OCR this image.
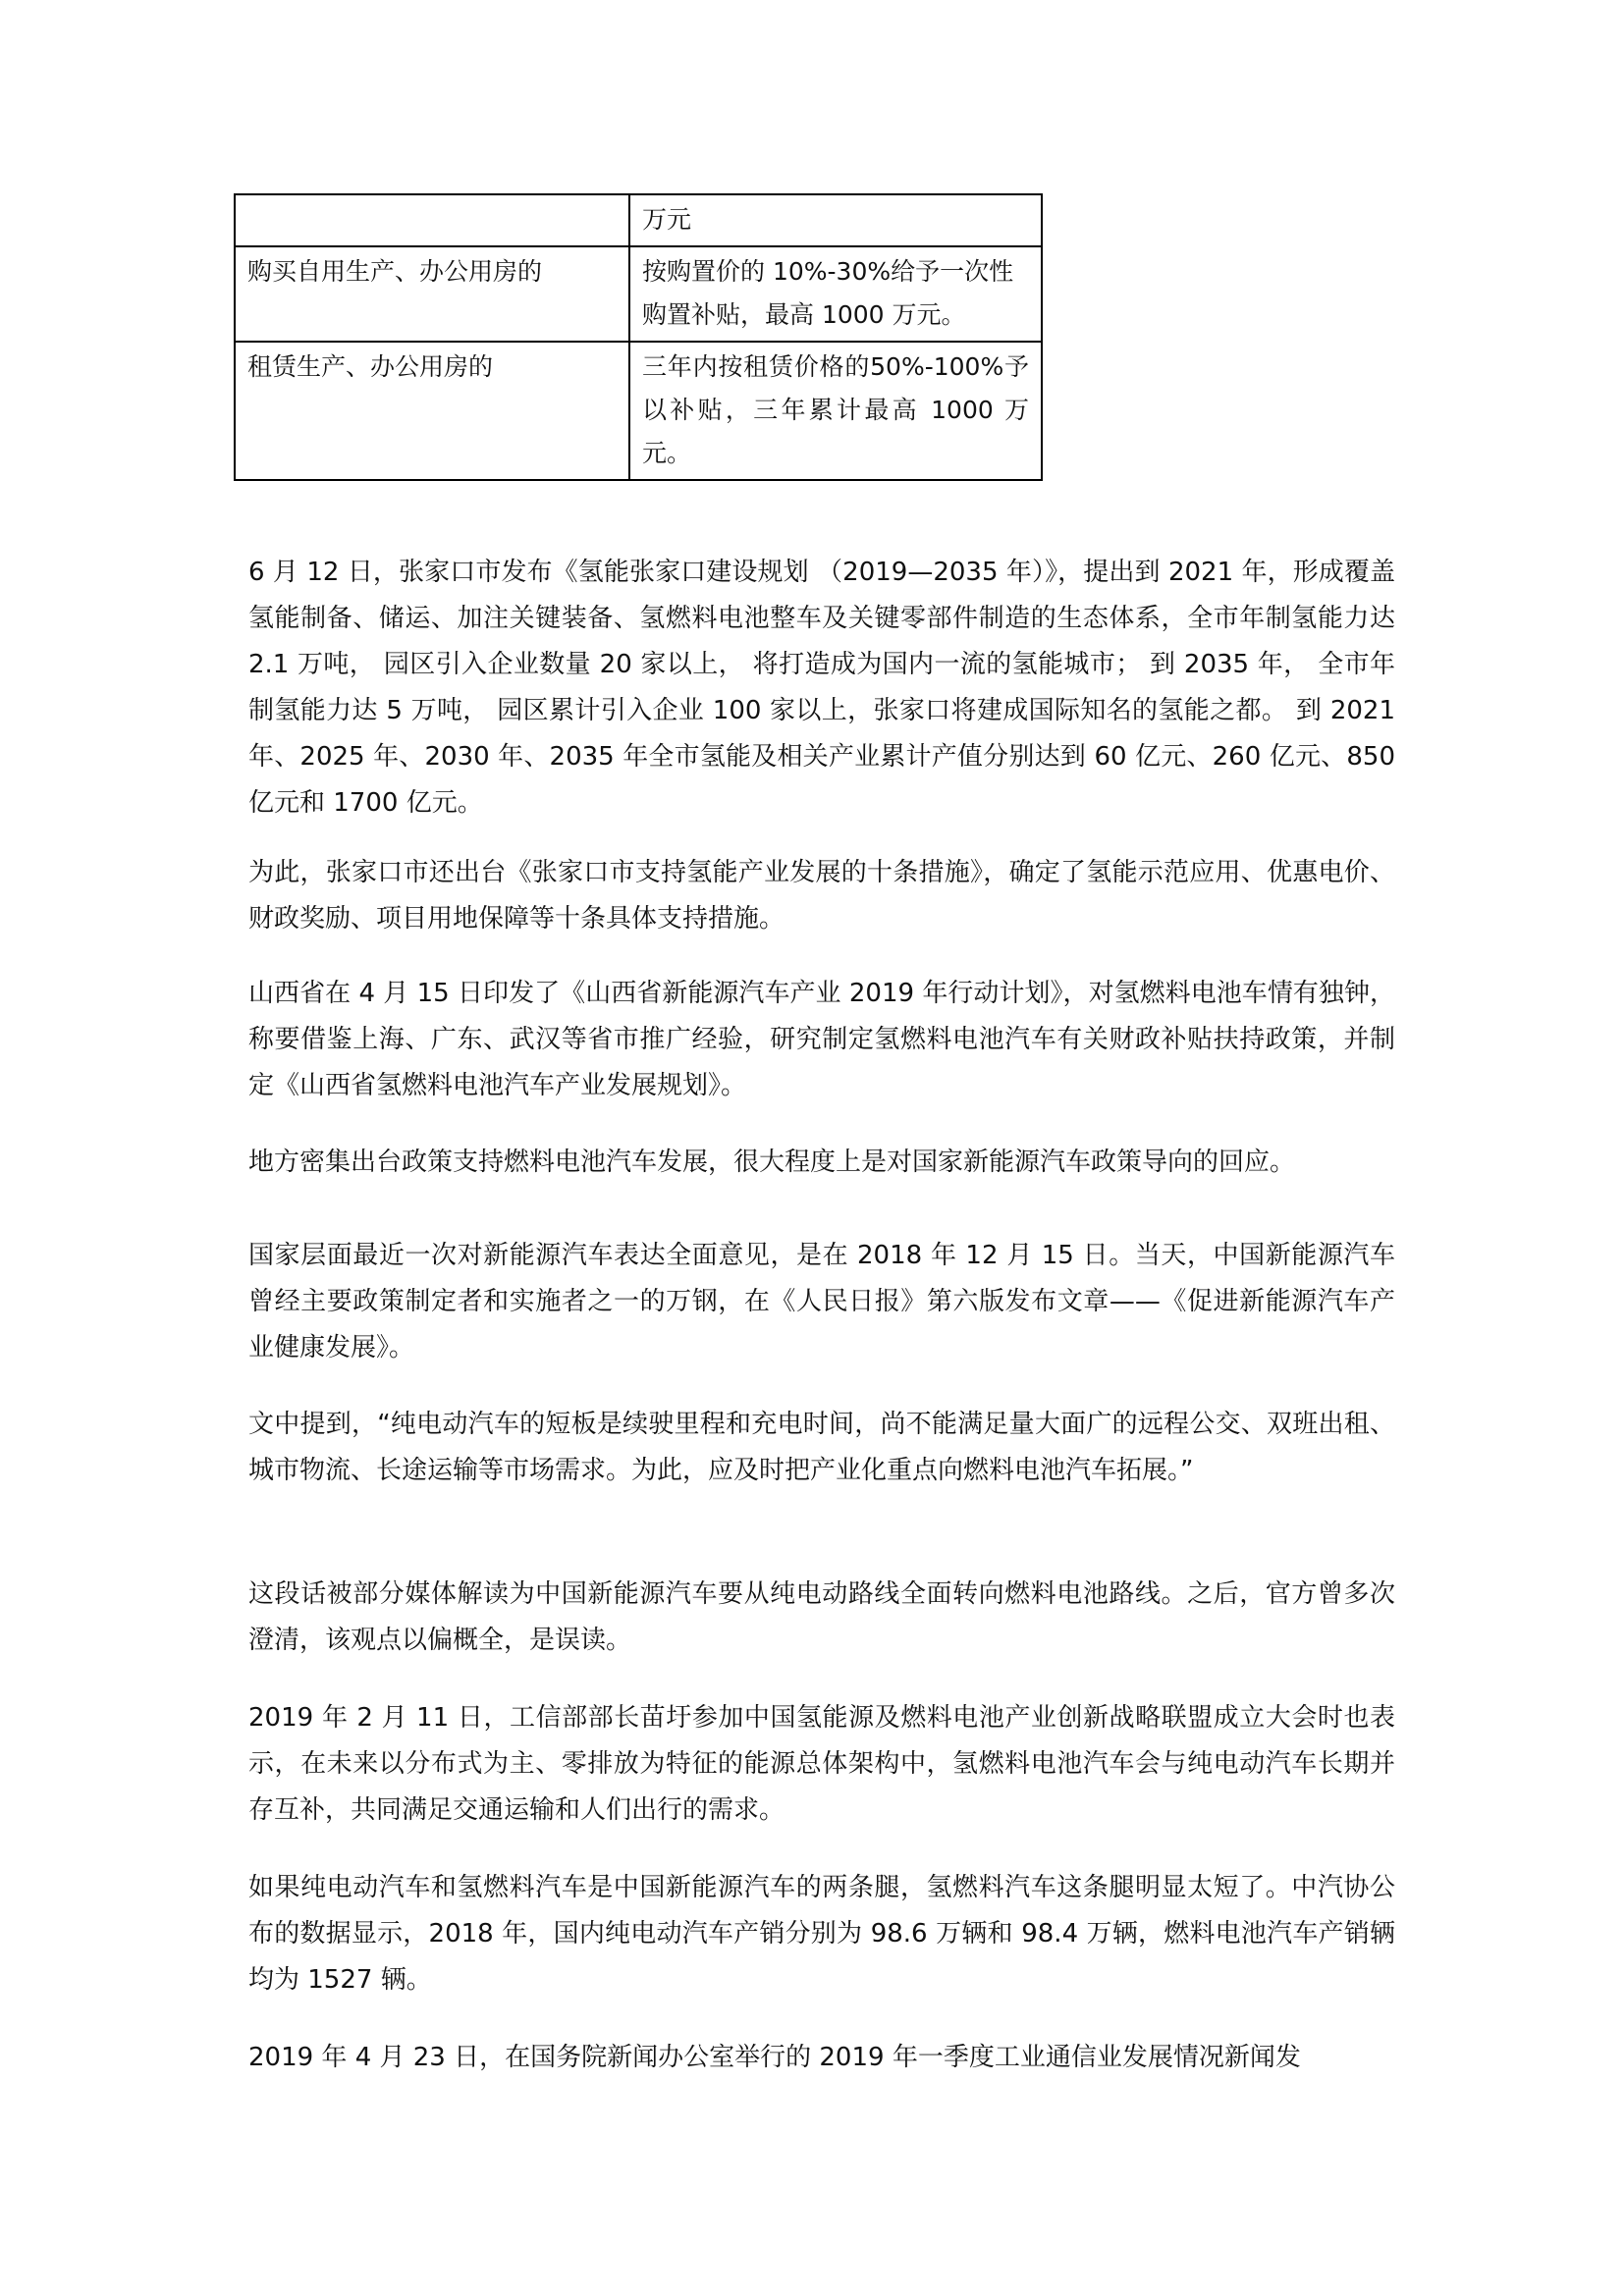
	万元
购买自用生产、办公用房的	按购置价的 10%-30%给予一次性购置补贴，最高 1000 万元。
租赁生产、办公用房的	三年内按租赁价格的50%-100%予以补贴，三年累计最高 1000 万元。

6 月 12 日，张家口市发布《氢能张家口建设规划 （2019—2035 年）》，提出到 2021 年，形成覆盖氢能制备、储运、加注关键装备、氢燃料电池整车及关键零部件制造的生态体系，全市年制氢能力达 2.1 万吨， 园区引入企业数量 20 家以上， 将打造成为国内一流的氢能城市； 到 2035 年， 全市年制氢能力达 5 万吨， 园区累计引入企业 100 家以上，张家口将建成国际知名的氢能之都。 到 2021 年、2025 年、2030 年、2035 年全市氢能及相关产业累计产值分别达到 60 亿元、260 亿元、850 亿元和 1700 亿元。

为此，张家口市还出台《张家口市支持氢能产业发展的十条措施》，确定了氢能示范应用、优惠电价、财政奖励、项目用地保障等十条具体支持措施。

山西省在 4 月 15 日印发了《山西省新能源汽车产业 2019 年行动计划》，对氢燃料电池车情有独钟，称要借鉴上海、广东、武汉等省市推广经验，研究制定氢燃料电池汽车有关财政补贴扶持政策，并制定《山西省氢燃料电池汽车产业发展规划》。

地方密集出台政策支持燃料电池汽车发展，很大程度上是对国家新能源汽车政策导向的回应。

国家层面最近一次对新能源汽车表达全面意见，是在 2018 年 12 月 15 日。当天，中国新能源汽车曾经主要政策制定者和实施者之一的万钢，在《人民日报》第六版发布文章——《促进新能源汽车产业健康发展》。

文中提到，“纯电动汽车的短板是续驶里程和充电时间，尚不能满足量大面广的远程公交、双班出租、城市物流、长途运输等市场需求。为此，应及时把产业化重点向燃料电池汽车拓展。”

这段话被部分媒体解读为中国新能源汽车要从纯电动路线全面转向燃料电池路线。之后，官方曾多次澄清，该观点以偏概全，是误读。

2019 年 2 月 11 日，工信部部长苗圩参加中国氢能源及燃料电池产业创新战略联盟成立大会时也表示，在未来以分布式为主、零排放为特征的能源总体架构中，氢燃料电池汽车会与纯电动汽车长期并存互补，共同满足交通运输和人们出行的需求。

如果纯电动汽车和氢燃料汽车是中国新能源汽车的两条腿，氢燃料汽车这条腿明显太短了。中汽协公布的数据显示，2018 年，国内纯电动汽车产销分别为 98.6 万辆和 98.4 万辆，燃料电池汽车产销辆均为 1527 辆。

2019 年 4 月 23 日，在国务院新闻办公室举行的 2019 年一季度工业通信业发展情况新闻发
